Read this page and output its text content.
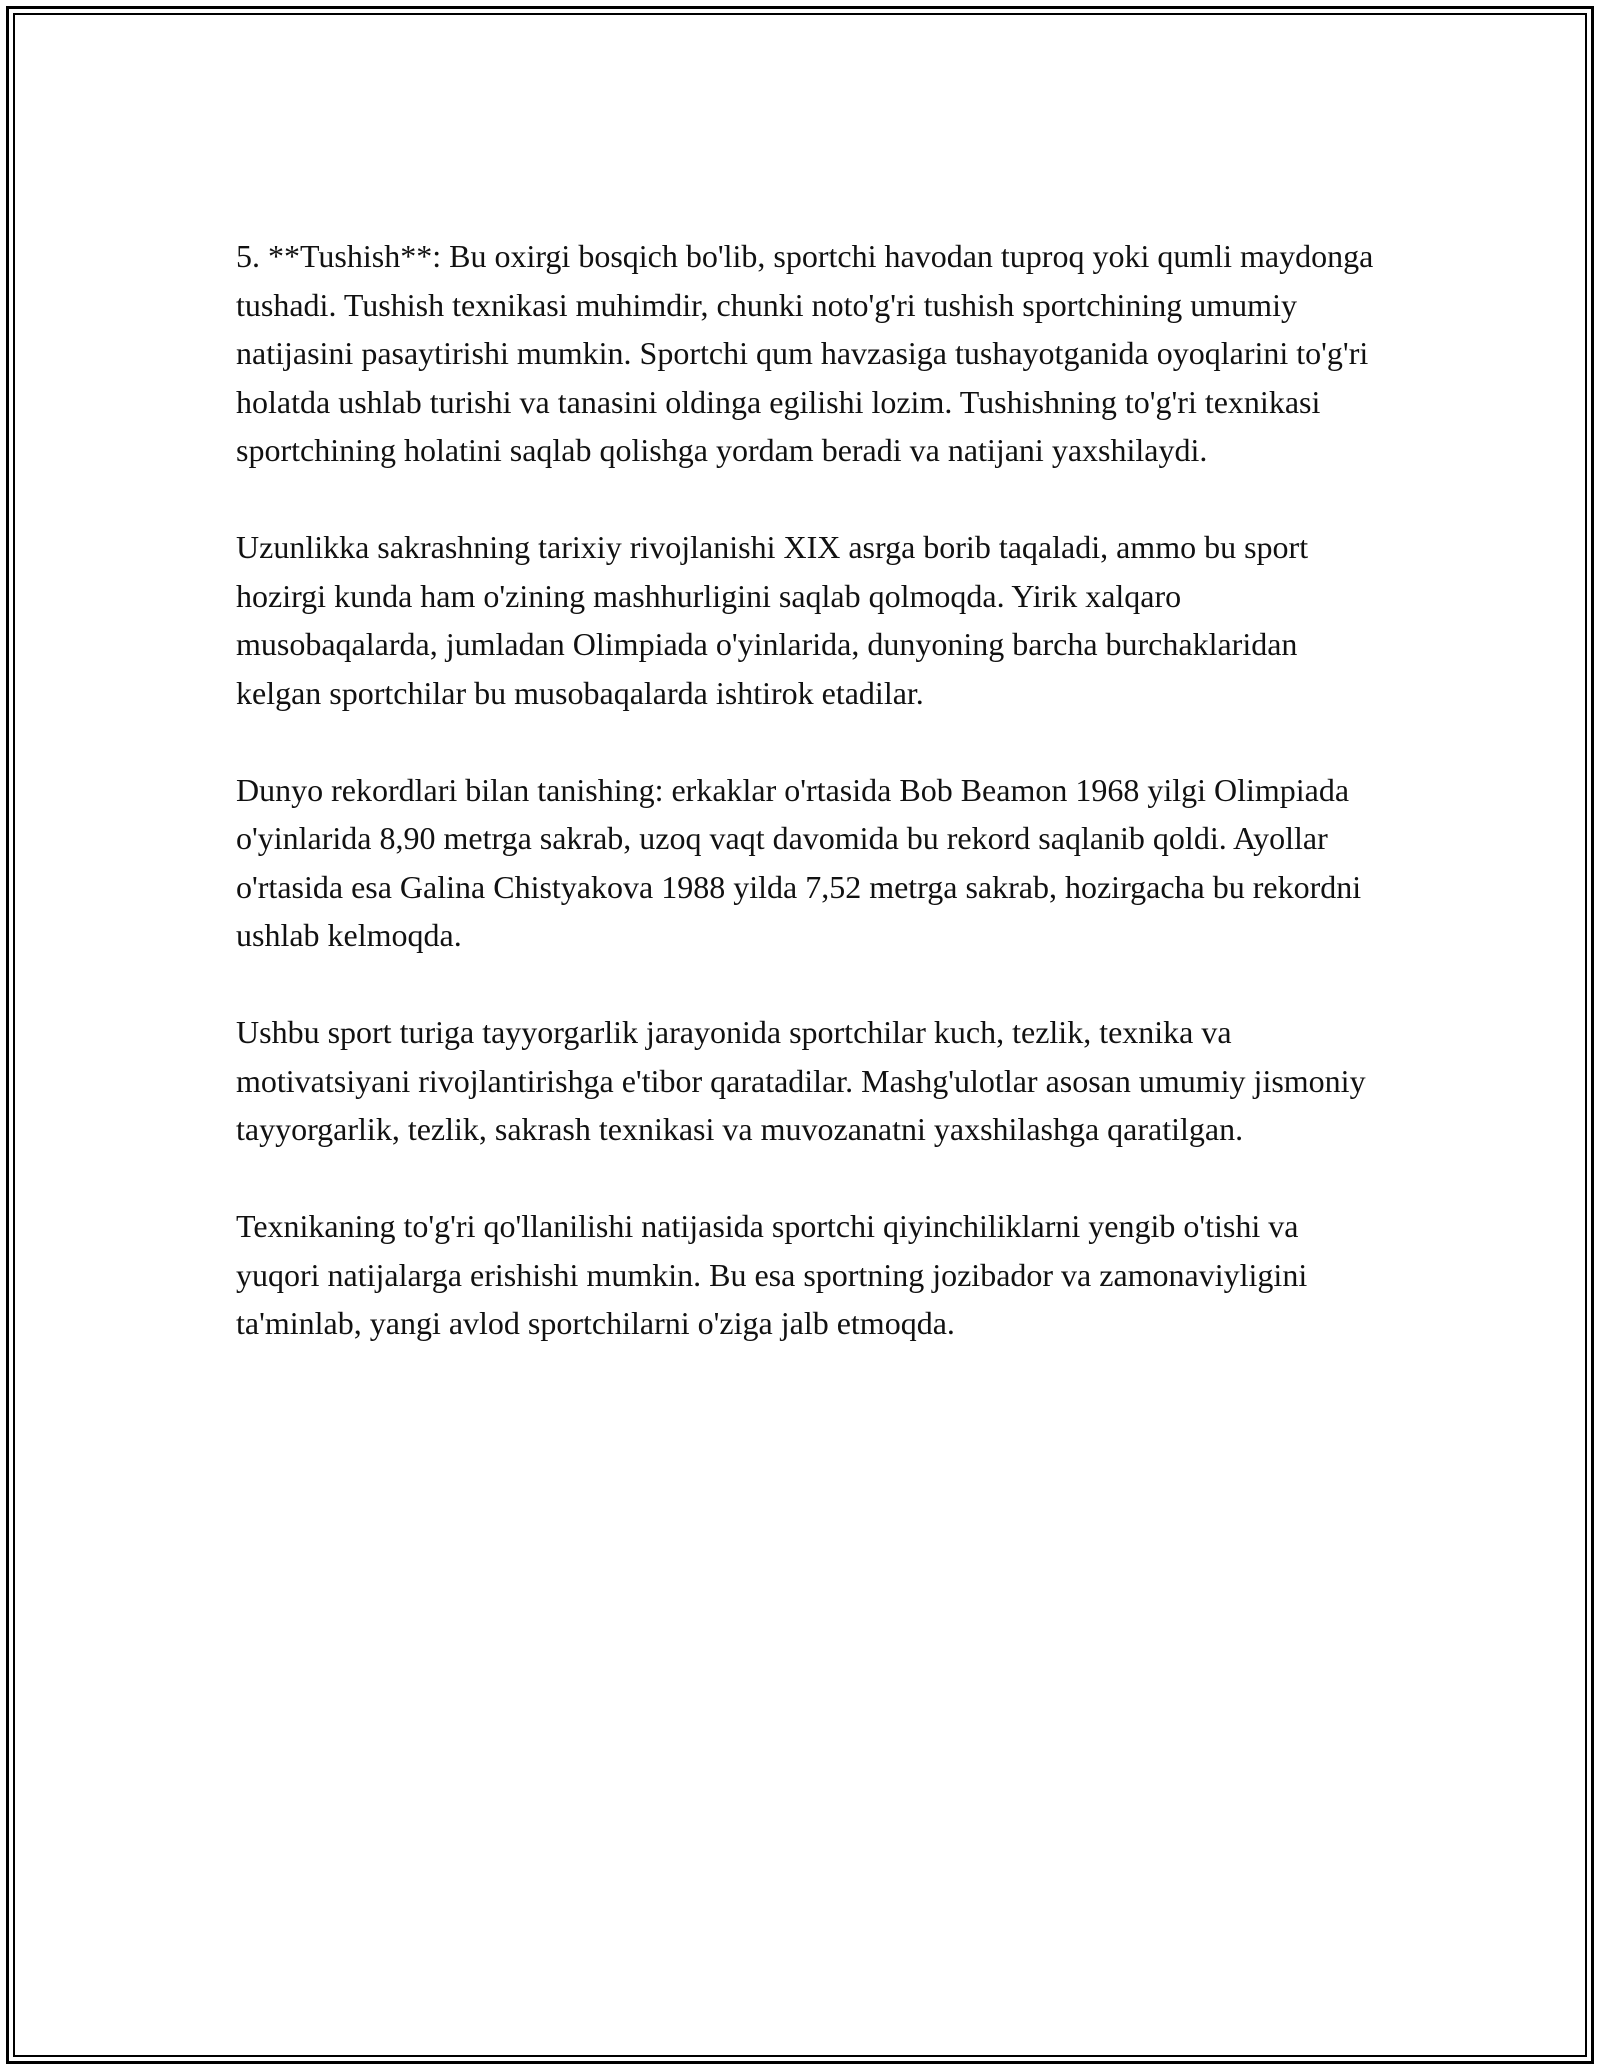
5. **Tushish**: Bu oxirgi bosqich bo'lib, sportchi havodan tuproq yoki qumli maydonga tushadi. Tushish texnikasi muhimdir, chunki noto'g'ri tushish sportchining umumiy natijasini pasaytirishi mumkin. Sportchi qum havzasiga tushayotganida oyoqlarini to'g'ri holatda ushlab turishi va tanasini oldinga egilishi lozim. Tushishning to'g'ri texnikasi sportchining holatini saqlab qolishga yordam beradi va natijani yaxshilaydi.

Uzunlikka sakrashning tarixiy rivojlanishi XIX asrga borib taqaladi, ammo bu sport hozirgi kunda ham o'zining mashhurligini saqlab qolmoqda. Yirik xalqaro musobaqalarda, jumladan Olimpiada o'yinlarida, dunyoning barcha burchaklaridan kelgan sportchilar bu musobaqalarda ishtirok etadilar.

Dunyo rekordlari bilan tanishing: erkaklar o'rtasida Bob Beamon 1968 yilgi Olimpiada o'yinlarida 8,90 metrga sakrab, uzoq vaqt davomida bu rekord saqlanib qoldi. Ayollar o'rtasida esa Galina Chistyakova 1988 yilda 7,52 metrga sakrab, hozirgacha bu rekordni ushlab kelmoqda.

Ushbu sport turiga tayyorgarlik jarayonida sportchilar kuch, tezlik, texnika va motivatsiyani rivojlantirishga e'tibor qaratadilar. Mashg'ulotlar asosan umumiy jismoniy tayyorgarlik, tezlik, sakrash texnikasi va muvozanatni yaxshilashga qaratilgan.

Texnikaning to'g'ri qo'llanilishi natijasida sportchi qiyinchiliklarni yengib o'tishi va yuqori natijalarga erishishi mumkin. Bu esa sportning jozibador va zamonaviyligini ta'minlab, yangi avlod sportchilarni o'ziga jalb etmoqda.
